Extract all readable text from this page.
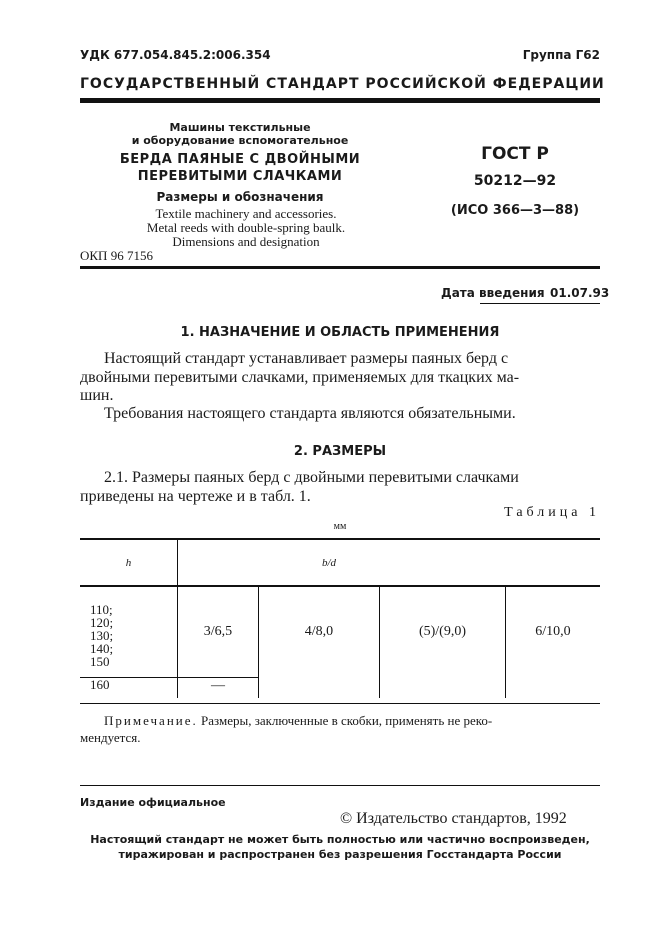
УДК 677.054.845.2:006.354	Группа Г62
ГОСУДАРСТВЕННЫЙ СТАНДАРТ РОССИЙСКОЙ ФЕДЕРАЦИИ
Машины текстильные
и оборудование вспомогательное
БЕРДА ПАЯНЫЕ С ДВОЙНЫМИ
ПЕРЕВИТЫМИ СЛАЧКАМИ
Размеры и обозначения
Textile machinery and accessories.
Metal reeds with double-spring baulk.
Dimensions and designation
ОКП 96 7156
ГОСТ Р
50212—92
(ИСО 366—3—88)
Дата введения 01.07.93
1. НАЗНАЧЕНИЕ И ОБЛАСТЬ ПРИМЕНЕНИЯ
Настоящий стандарт устанавливает размеры паяных берд с
двойными перевитыми слачками, применяемых для ткацких ма-
шин.
Требования настоящего стандарта являются обязательными.
2. РАЗМЕРЫ
2.1. Размеры паяных берд с двойными перевитыми слачками
приведены на чертеже и в табл. 1.
Таблица 1
мм
h	b/d			

110;
120;
130;
140;
150	3/6,5	4/8,0	(5)/(9,0)	6/10,0
160	—			
Примечание. Размеры, заключенные в скобки, применять не реко-
мендуется.
Издание официальное
© Издательство стандартов, 1992
Настоящий стандарт не может быть полностью или частично воспроизведен,
тиражирован и распространен без разрешения Госстандарта России
